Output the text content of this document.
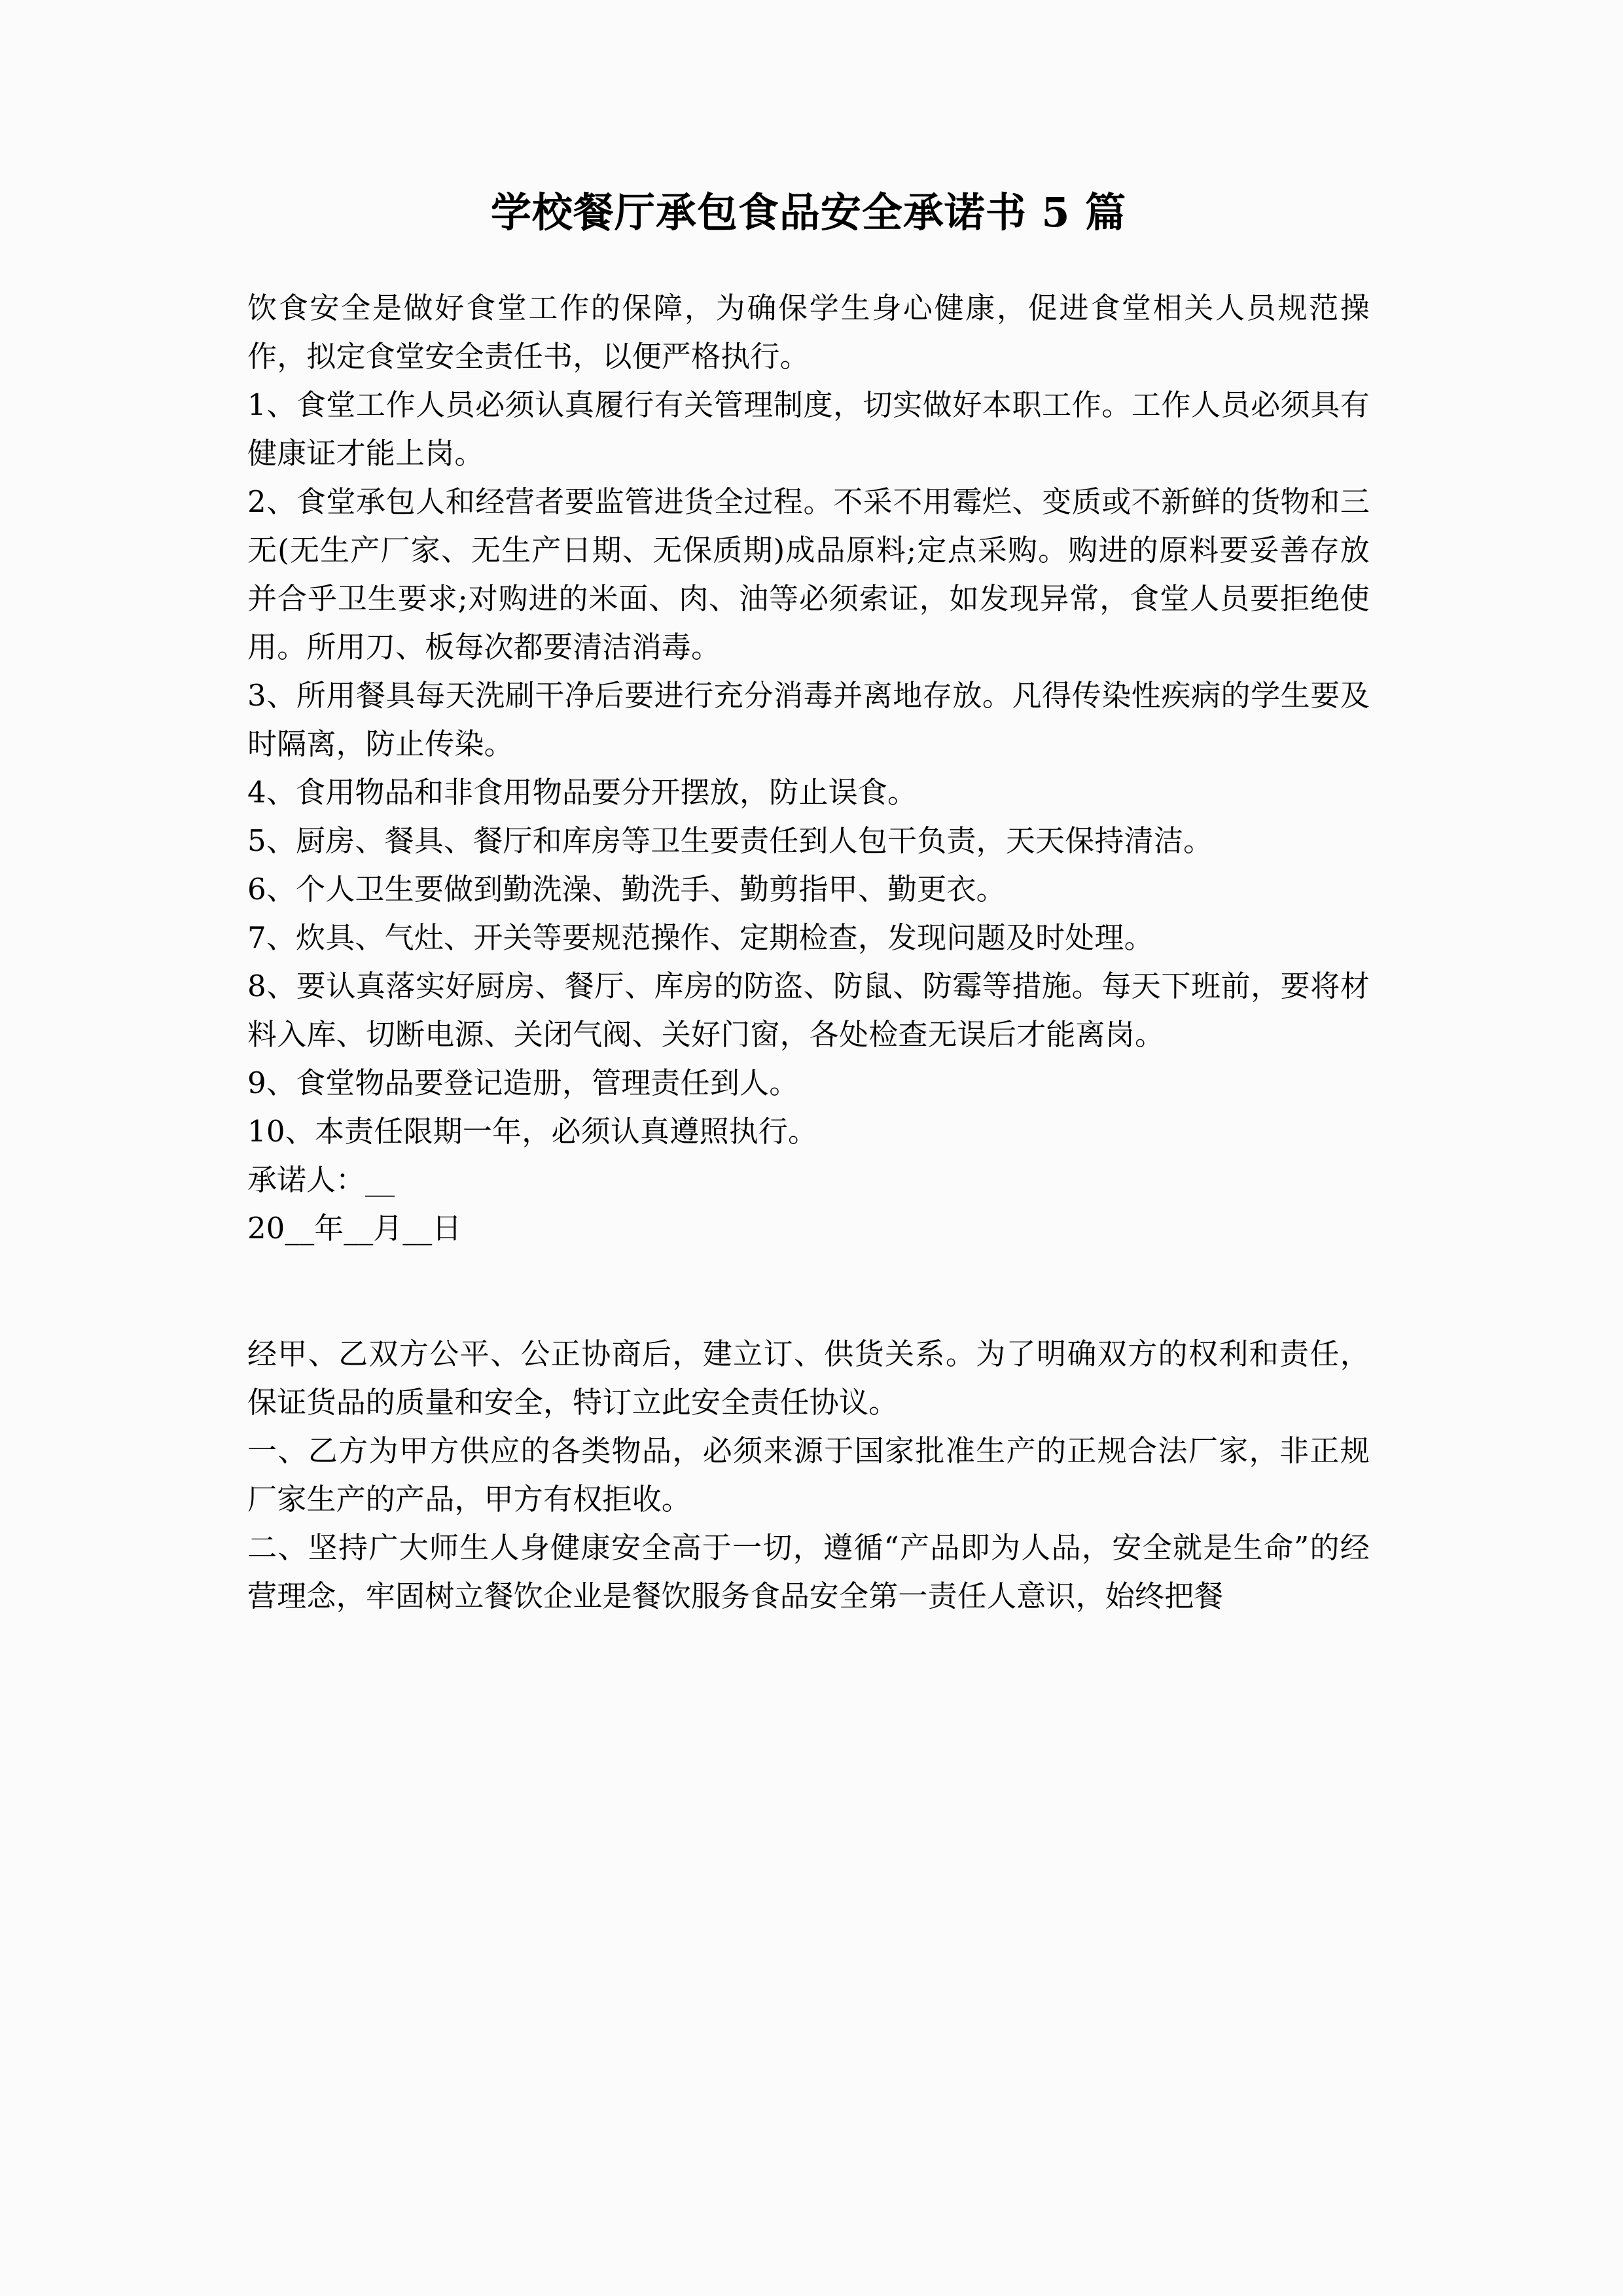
学校餐厅承包食品安全承诺书 5 篇

饮食安全是做好食堂工作的保障，为确保学生身心健康，促进食堂相关人员规范操作，拟定食堂安全责任书，以便严格执行。

1、食堂工作人员必须认真履行有关管理制度，切实做好本职工作。工作人员必须具有健康证才能上岗。

2、食堂承包人和经营者要监管进货全过程。不采不用霉烂、变质或不新鲜的货物和三无(无生产厂家、无生产日期、无保质期)成品原料;定点采购。购进的原料要妥善存放并合乎卫生要求;对购进的米面、肉、油等必须索证，如发现异常，食堂人员要拒绝使用。所用刀、板每次都要清洁消毒。

3、所用餐具每天洗刷干净后要进行充分消毒并离地存放。凡得传染性疾病的学生要及时隔离，防止传染。

4、食用物品和非食用物品要分开摆放，防止误食。

5、厨房、餐具、餐厅和库房等卫生要责任到人包干负责，天天保持清洁。

6、个人卫生要做到勤洗澡、勤洗手、勤剪指甲、勤更衣。

7、炊具、气灶、开关等要规范操作、定期检查，发现问题及时处理。

8、要认真落实好厨房、餐厅、库房的防盗、防鼠、防霉等措施。每天下班前，要将材料入库、切断电源、关闭气阀、关好门窗，各处检查无误后才能离岗。

9、食堂物品要登记造册，管理责任到人。

10、本责任限期一年，必须认真遵照执行。

承诺人：__

20__年__月__日

经甲、乙双方公平、公正协商后，建立订、供货关系。为了明确双方的权利和责任，保证货品的质量和安全，特订立此安全责任协议。

一、乙方为甲方供应的各类物品，必须来源于国家批准生产的正规合法厂家，非正规厂家生产的产品，甲方有权拒收。

二、坚持广大师生人身健康安全高于一切，遵循“产品即为人品，安全就是生命”的经营理念，牢固树立餐饮企业是餐饮服务食品安全第一责任人意识，始终把餐
